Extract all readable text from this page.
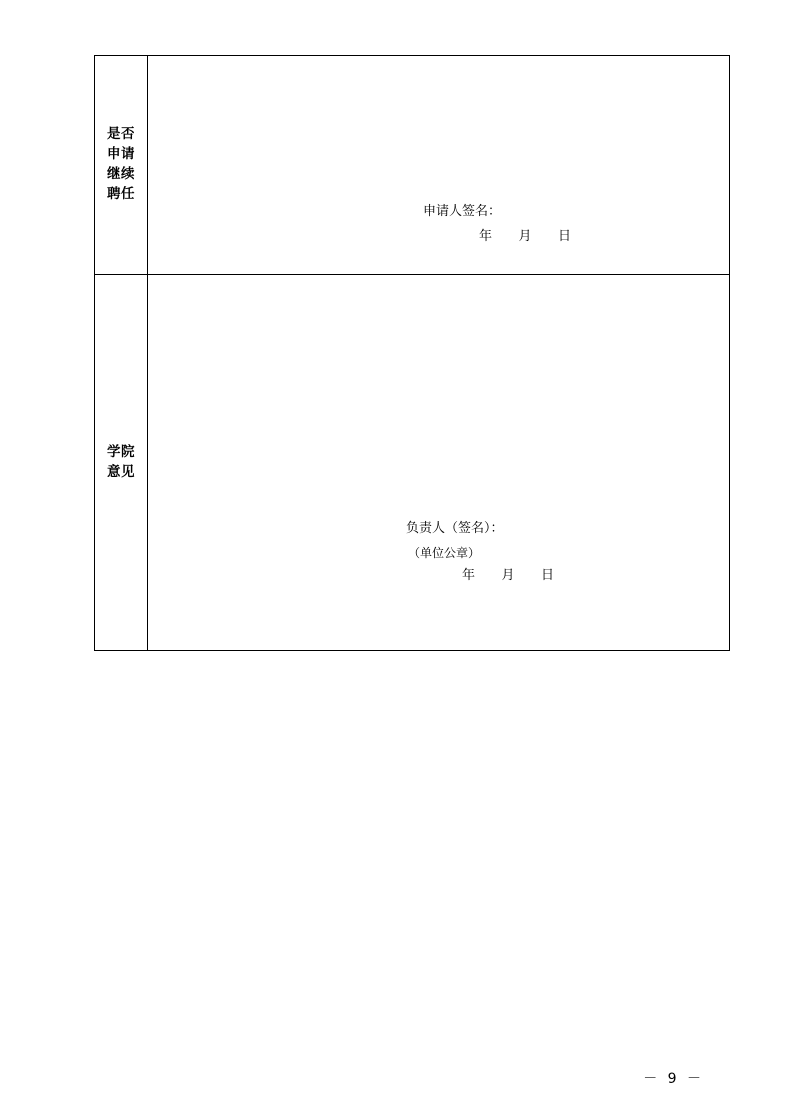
是否
申请
继续
聘任	申请人签名：
年 月 日

学院
意见	负责人（签名）：
（单位公章）
年 月 日
－ 9 －
